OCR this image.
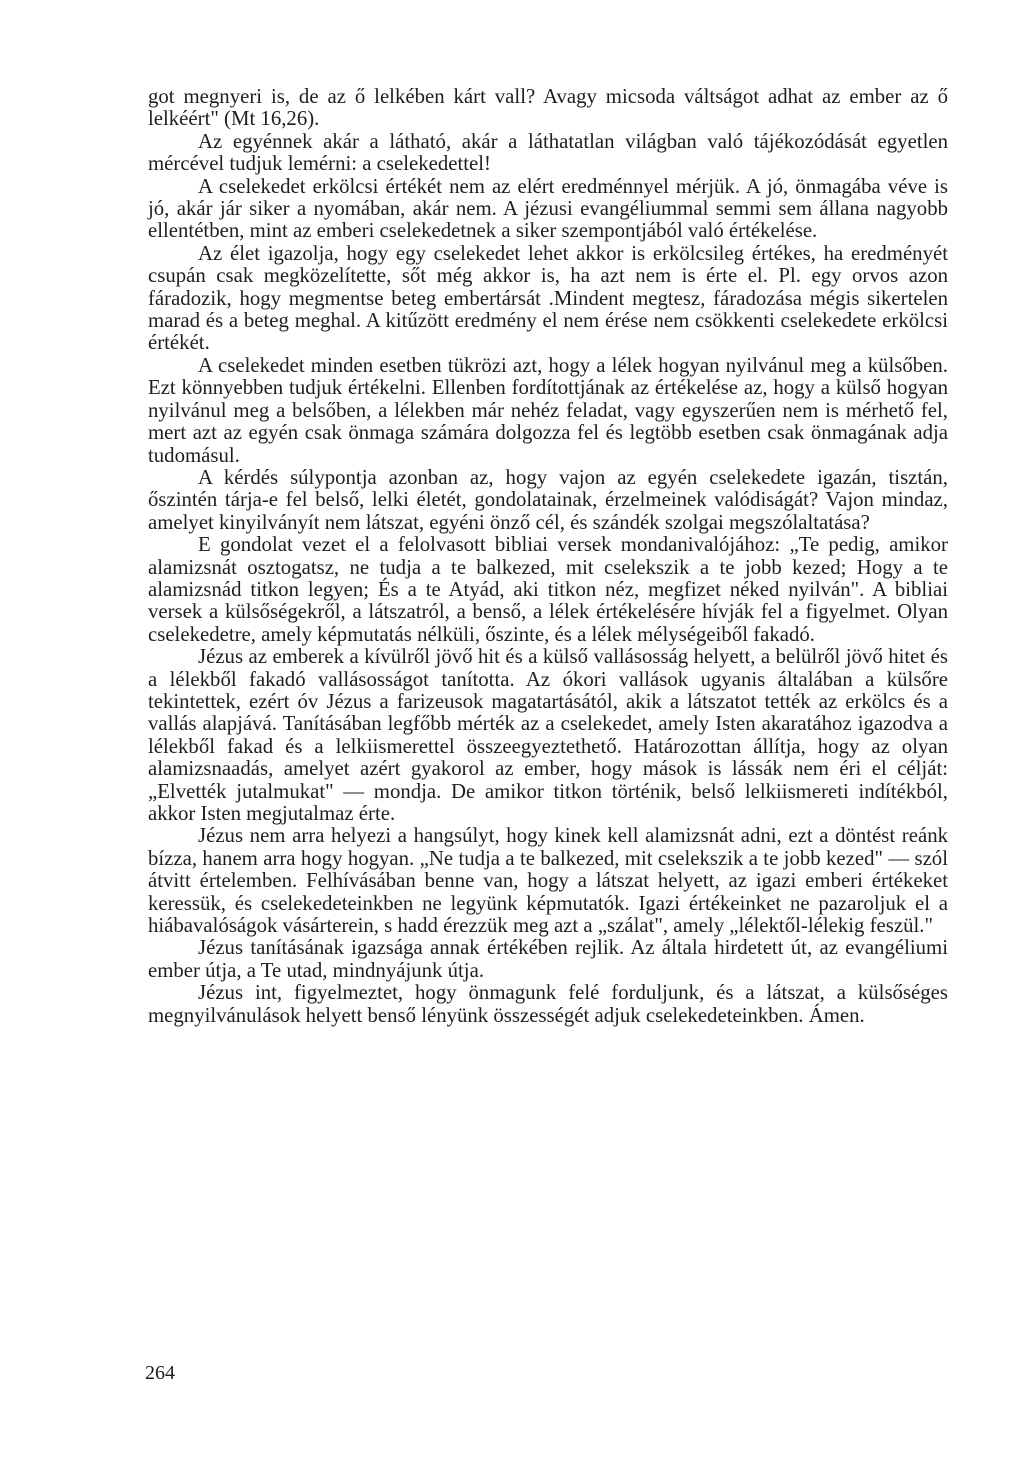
got megnyeri is, de az ő lelkében kárt vall? Avagy micsoda váltságot adhat az ember az ő lelkéért" (Mt 16,26).

Az egyénnek akár a látható, akár a láthatatlan világban való tájékozódását egyetlen mércével tudjuk lemérni: a cselekedettel!

A cselekedet erkölcsi értékét nem az elért eredménnyel mérjük. A jó, önmagába véve is jó, akár jár siker a nyomában, akár nem. A jézusi evangéliummal semmi sem állana nagyobb ellentétben, mint az emberi cselekedetnek a siker szempontjából való értékelése.

Az élet igazolja, hogy egy cselekedet lehet akkor is erkölcsileg értékes, ha eredményét csupán csak megközelítette, sőt még akkor is, ha azt nem is érte el. Pl. egy orvos azon fáradozik, hogy megmentse beteg embertársát .Mindent megtesz, fáradozása mégis sikertelen marad és a beteg meghal. A kitűzött eredmény el nem érése nem csökkenti cselekedete erkölcsi értékét.

A cselekedet minden esetben tükrözi azt, hogy a lélek hogyan nyilvánul meg a külsőben. Ezt könnyebben tudjuk értékelni. Ellenben fordítottjának az értékelése az, hogy a külső hogyan nyilvánul meg a belsőben, a lélekben már nehéz feladat, vagy egyszerűen nem is mérhető fel, mert azt az egyén csak önmaga számára dolgozza fel és legtöbb esetben csak önmagának adja tudomásul.

A kérdés súlypontja azonban az, hogy vajon az egyén cselekedete igazán, tisztán, őszintén tárja-e fel belső, lelki életét, gondolatainak, érzelmeinek valódiságát? Vajon mindaz, amelyet kinyilványít nem látszat, egyéni önző cél, és szándék szolgai megszólaltatása?

E gondolat vezet el a felolvasott bibliai versek mondanivalójához: „Te pedig, amikor alamizsnát osztogatsz, ne tudja a te balkezed, mit cselekszik a te jobb kezed; Hogy a te alamizsnád titkon legyen; És a te Atyád, aki titkon néz, megfizet néked nyilván". A bibliai versek a külsőségekről, a látszatról, a benső, a lélek értékelésére hívják fel a figyelmet. Olyan cselekedetre, amely képmutatás nélküli, őszinte, és a lélek mélységeiből fakadó.

Jézus az emberek a kívülről jövő hit és a külső vallásosság helyett, a belülről jövő hitet és a lélekből fakadó vallásosságot tanította. Az ókori vallások ugyanis általában a külsőre tekintettek, ezért óv Jézus a farizeusok magatartásától, akik a látszatot tették az erkölcs és a vallás alapjává. Tanításában legfőbb mérték az a cselekedet, amely Isten akaratához igazodva a lélekből fakad és a lelkiismerettel összeegyeztethető. Határozottan állítja, hogy az olyan alamizsnaadás, amelyet azért gyakorol az ember, hogy mások is lássák nem éri el célját: „Elvették jutalmukat" — mondja. De amikor titkon történik, belső lelkiismereti indítékból, akkor Isten megjutalmaz érte.

Jézus nem arra helyezi a hangsúlyt, hogy kinek kell alamizsnát adni, ezt a döntést reánk bízza, hanem arra hogy hogyan. „Ne tudja a te balkezed, mit cselekszik a te jobb kezed" — szól átvitt értelemben. Felhívásában benne van, hogy a látszat helyett, az igazi emberi értékeket keressük, és cselekedeteinkben ne legyünk képmutatók. Igazi értékeinket ne pazaroljuk el a hiábavalóságok vásárterein, s hadd érezzük meg azt a „szálat", amely „lélektől-lélekig feszül."

Jézus tanításának igazsága annak értékében rejlik. Az általa hirdetett út, az evangéliumi ember útja, a Te utad, mindnyájunk útja.

Jézus int, figyelmeztet, hogy önmagunk felé forduljunk, és a látszat, a külsőséges megnyilvánulások helyett benső lényünk összességét adjuk cselekedeteinkben. Ámen.

264
